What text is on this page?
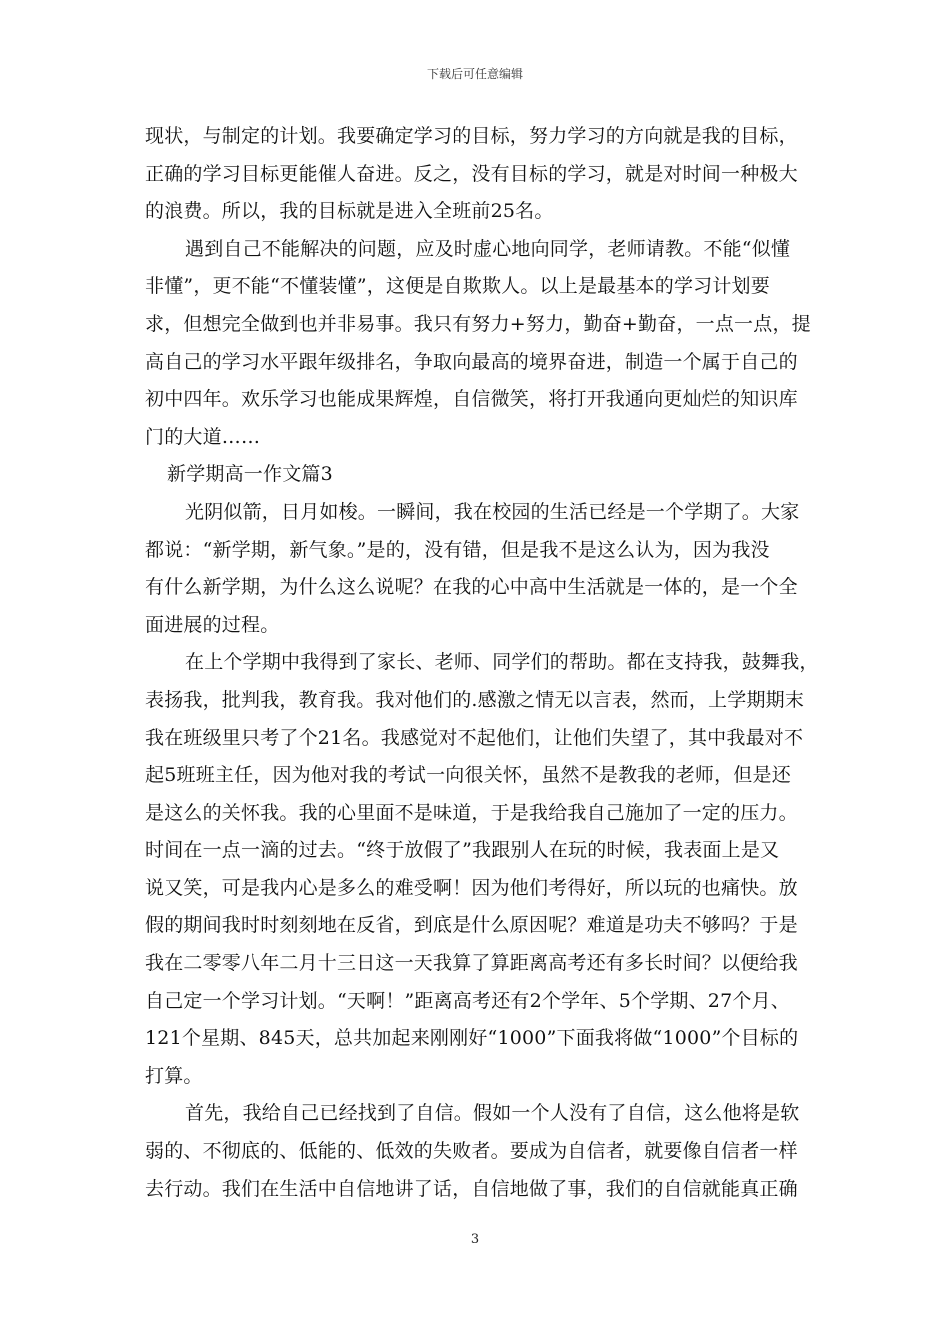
下载后可任意编辑
现状，与制定的计划。我要确定学习的目标，努力学习的方向就是我的目标，
正确的学习目标更能催人奋进。反之，没有目标的学习，就是对时间一种极大
的浪费。所以，我的目标就是进入全班前25名。
遇到自己不能解决的问题，应及时虚心地向同学，老师请教。不能“似懂
非懂”，更不能“不懂装懂”，这便是自欺欺人。以上是最基本的学习计划要
求，但想完全做到也并非易事。我只有努力+努力，勤奋+勤奋，一点一点，提
高自己的学习水平跟年级排名，争取向最高的境界奋进，制造一个属于自己的
初中四年。欢乐学习也能成果辉煌，自信微笑，将打开我通向更灿烂的知识库
门的大道……
新学期高一作文篇3
光阴似箭，日月如梭。一瞬间，我在校园的生活已经是一个学期了。大家
都说：“新学期，新气象。”是的，没有错，但是我不是这么认为，因为我没
有什么新学期，为什么这么说呢？在我的心中高中生活就是一体的，是一个全
面进展的过程。
在上个学期中我得到了家长、老师、同学们的帮助。都在支持我，鼓舞我，
表扬我，批判我，教育我。我对他们的.感激之情无以言表，然而，上学期期末
我在班级里只考了个21名。我感觉对不起他们，让他们失望了，其中我最对不
起5班班主任，因为他对我的考试一向很关怀，虽然不是教我的老师，但是还
是这么的关怀我。我的心里面不是味道，于是我给我自己施加了一定的压力。
时间在一点一滴的过去。“终于放假了”我跟别人在玩的时候，我表面上是又
说又笑，可是我内心是多么的难受啊！因为他们考得好，所以玩的也痛快。放
假的期间我时时刻刻地在反省，到底是什么原因呢？难道是功夫不够吗？于是
我在二零零八年二月十三日这一天我算了算距离高考还有多长时间？以便给我
自己定一个学习计划。“天啊！”距离高考还有2个学年、5个学期、27个月、
121个星期、845天，总共加起来刚刚好“1000”下面我将做“1000”个目标的
打算。
首先，我给自己已经找到了自信。假如一个人没有了自信，这么他将是软
弱的、不彻底的、低能的、低效的失败者。要成为自信者，就要像自信者一样
去行动。我们在生活中自信地讲了话，自信地做了事，我们的自信就能真正确
3
